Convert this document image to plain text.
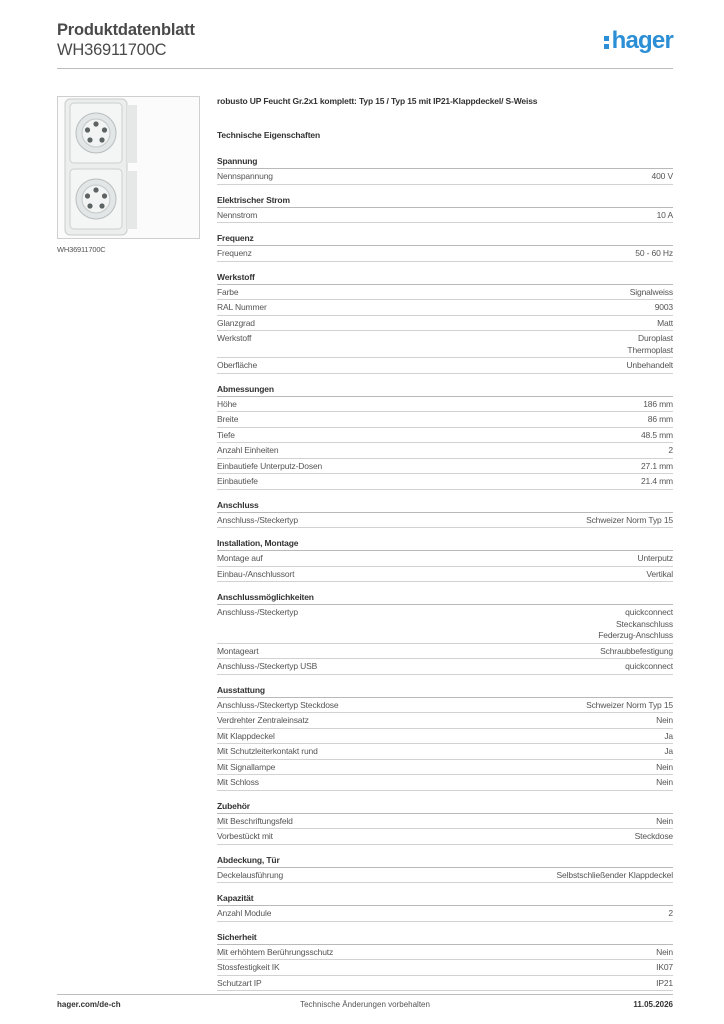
Produktdatenblatt
WH36911700C	hager
WH36911700C
robusto UP Feucht Gr.2x1 komplett: Typ 15 / Typ 15 mit IP21-Klappdeckel/ S-Weiss
Technische Eigenschaften
Spannung
Nennspannung	400 V
Elektrischer Strom
Nennstrom	10 A
Frequenz
Frequenz	50 - 60 Hz
Werkstoff
Farbe	Signalweiss
RAL Nummer	9003
Glanzgrad	Matt
Werkstoff	Duroplast
Thermoplast
Oberfläche	Unbehandelt
Abmessungen
Höhe	186 mm
Breite	86 mm
Tiefe	48.5 mm
Anzahl Einheiten	2
Einbautiefe Unterputz-Dosen	27.1 mm
Einbautiefe	21.4 mm
Anschluss
Anschluss-/Steckertyp	Schweizer Norm Typ 15
Installation, Montage
Montage auf	Unterputz
Einbau-/Anschlussort	Vertikal
Anschlussmöglichkeiten
Anschluss-/Steckertyp	quickconnect
Steckanschluss
Federzug-Anschluss
Montageart	Schraubbefestigung
Anschluss-/Steckertyp USB	quickconnect
Ausstattung
Anschluss-/Steckertyp Steckdose	Schweizer Norm Typ 15
Verdrehter Zentraleinsatz	Nein
Mit Klappdeckel	Ja
Mit Schutzleiterkontakt rund	Ja
Mit Signallampe	Nein
Mit Schloss	Nein
Zubehör
Mit Beschriftungsfeld	Nein
Vorbestückt mit	Steckdose
Abdeckung, Tür
Deckelausführung	Selbstschließender Klappdeckel
Kapazität
Anzahl Module	2
Sicherheit
Mit erhöhtem Berührungsschutz	Nein
Stossfestigkeit IK	IK07
Schutzart IP	IP21
hager.com/de-ch	Technische Änderungen vorbehalten	11.05.2026
